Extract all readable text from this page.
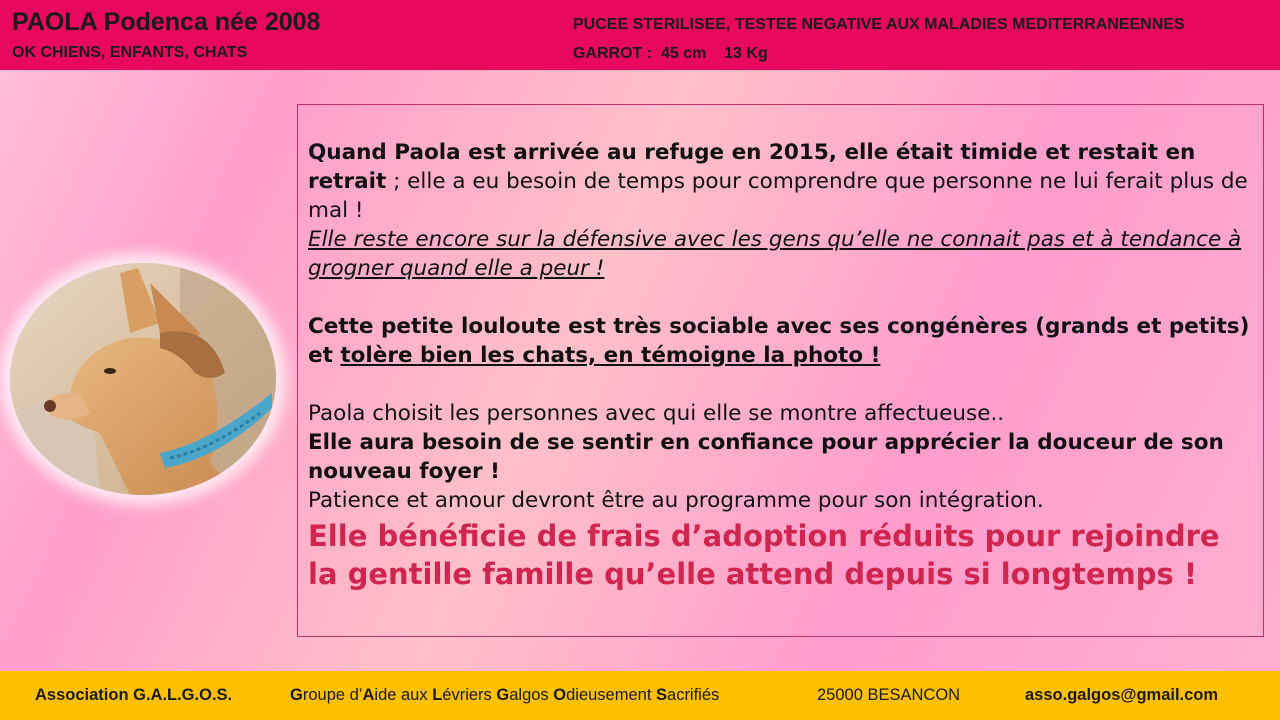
PAOLA Podenca née 2008
OK CHIENS, ENFANTS, CHATS
PUCEE STERILISEE, TESTEE NEGATIVE AUX MALADIES MEDITERRANEENNES
GARROT : 45 cm 13 Kg

Quand Paola est arrivée au refuge en 2015, elle était timide et restait en retrait ; elle a eu besoin de temps pour comprendre que personne ne lui ferait plus de mal !

Elle reste encore sur la défensive avec les gens qu’elle ne connait pas et à tendance à grogner quand elle a peur !

Cette petite louloute est très sociable avec ses congénères (grands et petits) et tolère bien les chats, en témoigne la photo !

Paola choisit les personnes avec qui elle se montre affectueuse..

Elle aura besoin de se sentir en confiance pour apprécier la douceur de son nouveau foyer !

Patience et amour devront être au programme pour son intégration.

Elle bénéficie de frais d’adoption réduits pour rejoindre la gentille famille qu’elle attend depuis si longtemps !

Association G.A.L.G.O.S.	Groupe d’Aide aux Lévriers Galgos Odieusement Sacrifiés	25000 BESANCON	asso.galgos@gmail.com
